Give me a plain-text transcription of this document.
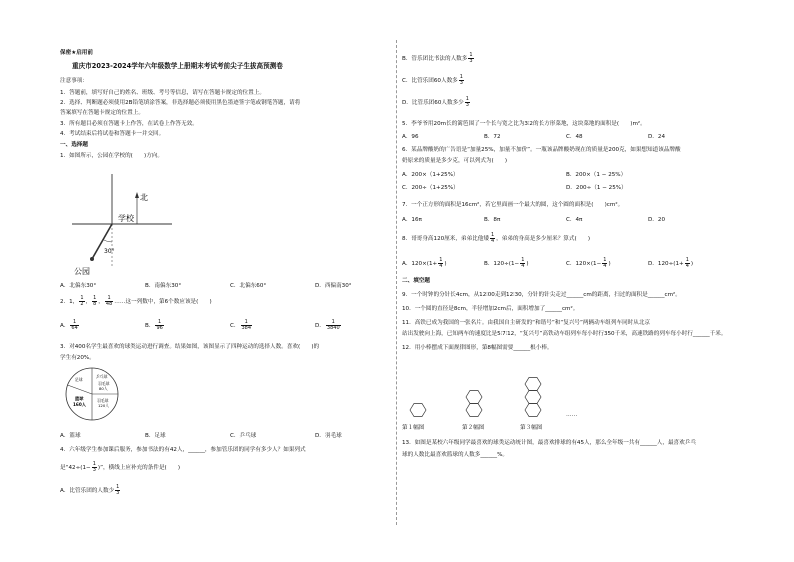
保密★启用前
重庆市2023-2024学年六年级数学上册期末考试考前尖子生拔高预测卷
注意事项：
1．答题前，填写好自己的姓名、班级、考号等信息，请写在答题卡规定的位置上。
2．选择、判断题必须使用2B铅笔填涂答案，非选择题必须使用黑色墨迹签字笔或钢笔答题，请将
答案填写在答题卡规定的位置上。
3．所有题目必须在答题卡上作答，在试卷上作答无效。
4．考试结束后将试卷和答题卡一并交回。
一、选择题
1．如图所示，公园在学校的(　　)方向。
北
学校
30°
公园
A．北偏东30°	B．南偏东30°	C．北偏东60°	D．西偏南30°
2．1， $\frac{1}{2}$ ， $\frac{1}{8}$ ， $\frac{1}{48}$ ……这一列数中，第6个数应该是(　　)
A． $\frac{1}{64}$	B． $\frac{1}{96}$	C． $\frac{1}{384}$	D． $\frac{1}{3840}$
3．对400名学生最喜欢的球类运动进行调查。结果如图，该图显示了四种运动的选择人数。喜欢(　　)的
学生有20%。
足球
乒乓球
羽毛球
80人
篮球
160人
羽毛球
120人
A．篮球	B．足球	C．乒乓球	D．羽毛球
4．六年级学生参加课后服务，参加书法的有42人，______，参加管乐团的同学有多少人？如果列式
是“$42\div(1- \frac{1}{3}$ )”，横线上应补充的条件是(　　)
A．比管乐团的人数少 $\frac{1}{3}$
B．管乐团比书法的人数多 $\frac{1}{3}$
C．比管乐团60人数多 $\frac{1}{3}$
D．比管乐团60人数多少 $\frac{1}{3}$
5．李爷爷用20m长的篱笆围了一个长与宽之比为3∶2的长方形菜地，这块菜地的面积是(　　)m²。
A．96	B．72	C．48	D．24
6．某品牌酸奶的广告语是“加量25%，加量不加价”。一瓶该品牌酸奶现在的质量是200克，如果想知道该品牌酸
奶原来的质量是多少克，可以列式为(　　)
A．200×（1+25%）	B．200×（1 − 25%）
C．200÷（1+25%）	D．200÷（1 − 25%）
7．一个正方形的面积是16cm²，若它里面画一个最大的圆，这个圆的面积是(　　)cm²。
A．16π	B．8π	C．4π	D．20
8．哥哥身高120厘米，弟弟比他矮 $\frac{1}{4}$ ，弟弟的身高是多少厘米？算式(　　)
A．$120\times(1+ \frac{1}{4}$ )	B．$120\div(1- \frac{1}{4}$ )	C．$120\times(1- \frac{1}{4}$ )	D．$120\div(1+ \frac{1}{4}$ )
二、填空题
9．一个时钟的分针长4cm，从12∶00走到12∶30，分针的针尖走过______cm的距离，扫过的面积是______cm²。
10．一个圆的直径是8cm，半径增加2cm后，面积增加了______cm²。
11．高铁已成为我国的一张名片。由我国自主研发的“和谐号”和“复兴号”两辆动车组列车同时从北京
站出发驶向上海，已知两车的速度比是5∶7∶12，“复兴号”高铁动车组列车每小时行350千米，高速铁路的列车每小时行______千米。
12．用小棒摆成下面规律图形，第8幅图需要______根小棒。
第１幅图	第２幅图	第３幅图
……
13．如图是某校六年级同学最喜欢的球类运动统计图，最喜欢排球的有45人，那么全年级一共有______人，最喜欢乒乓
球的人数比最喜欢篮球的人数多______%。
